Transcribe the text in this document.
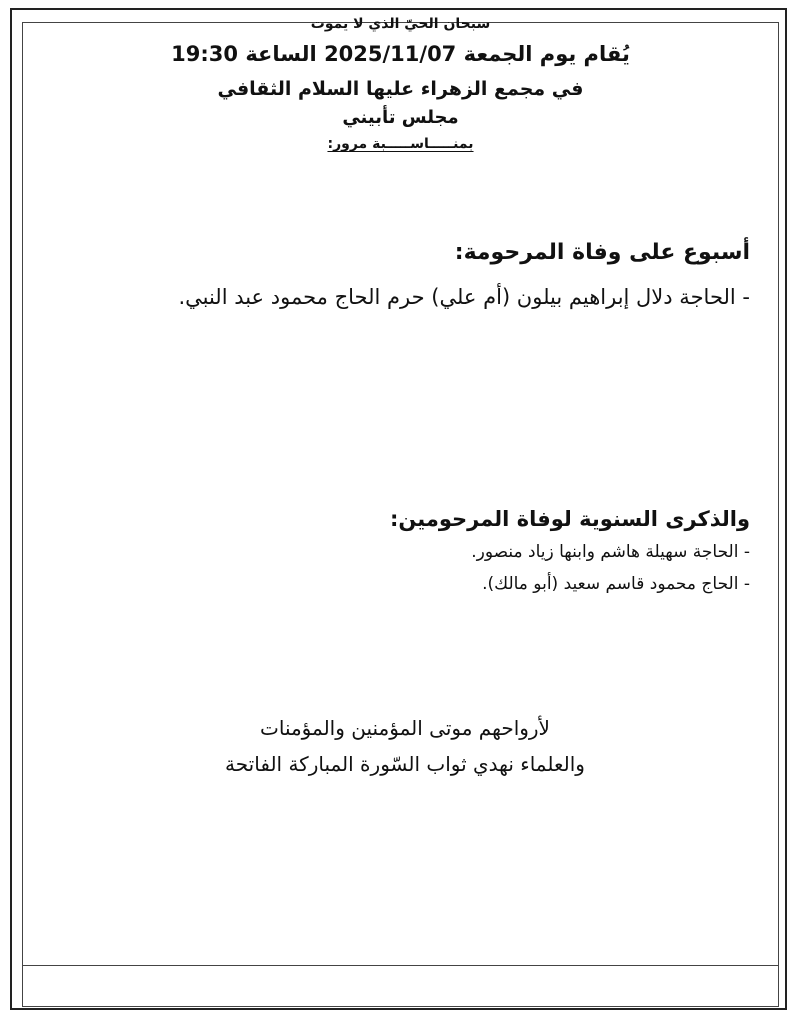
سبحان الحيّ الذي لا يموت
يُقام يوم الجمعة 2025/11/07 الساعة 19:30
في مجمع الزهراء عليها السلام الثقافي
مجلس تأبيني
بمنـــــاســـــبة مرور:
أسبوع على وفاة المرحومة:
- الحاجة دلال إبراهيم بيلون (أم علي) حرم الحاج محمود عبد النبي.
والذكرى السنوية لوفاة المرحومين:
- الحاجة سهيلة هاشم وابنها زياد منصور.
- الحاج محمود قاسم سعيد (أبو مالك).
لأرواحهم موتى المؤمنين والمؤمنات
والعلماء نهدي ثواب السّورة المباركة الفاتحة
